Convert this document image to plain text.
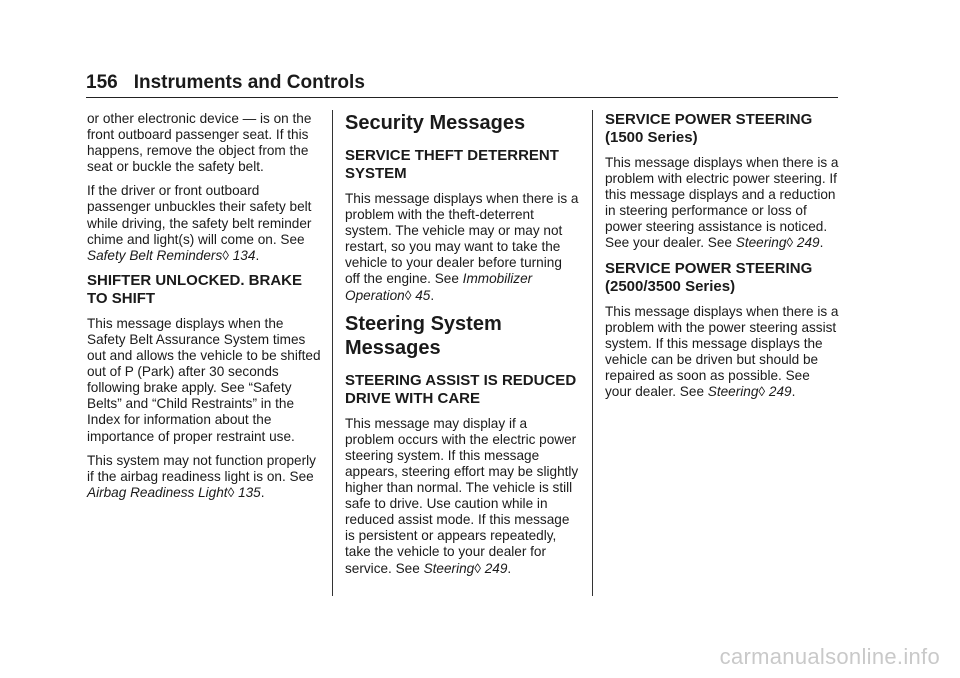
156 Instruments and Controls

or other electronic device — is on the front outboard passenger seat. If this happens, remove the object from the seat or buckle the safety belt.

If the driver or front outboard passenger unbuckles their safety belt while driving, the safety belt reminder chime and light(s) will come on. See Safety Belt Reminders◊ 134.

SHIFTER UNLOCKED. BRAKE TO SHIFT

This message displays when the Safety Belt Assurance System times out and allows the vehicle to be shifted out of P (Park) after 30 seconds following brake apply. See “Safety Belts” and “Child Restraints” in the Index for information about the importance of proper restraint use.

This system may not function properly if the airbag readiness light is on. See Airbag Readiness Light◊ 135.

Security Messages
SERVICE THEFT DETERRENT SYSTEM

This message displays when there is a problem with the theft-deterrent system. The vehicle may or may not restart, so you may want to take the vehicle to your dealer before turning off the engine. See Immobilizer Operation◊ 45.

Steering System Messages
STEERING ASSIST IS REDUCED DRIVE WITH CARE

This message may display if a problem occurs with the electric power steering system. If this message appears, steering effort may be slightly higher than normal. The vehicle is still safe to drive. Use caution while in reduced assist mode. If this message is persistent or appears repeatedly, take the vehicle to your dealer for service. See Steering◊ 249.

SERVICE POWER STEERING (1500 Series)

This message displays when there is a problem with electric power steering. If this message displays and a reduction in steering performance or loss of power steering assistance is noticed. See your dealer. See Steering◊ 249.

SERVICE POWER STEERING (2500/3500 Series)

This message displays when there is a problem with the power steering assist system. If this message displays the vehicle can be driven but should be repaired as soon as possible. See your dealer. See Steering◊ 249.

carmanualsonline.info
